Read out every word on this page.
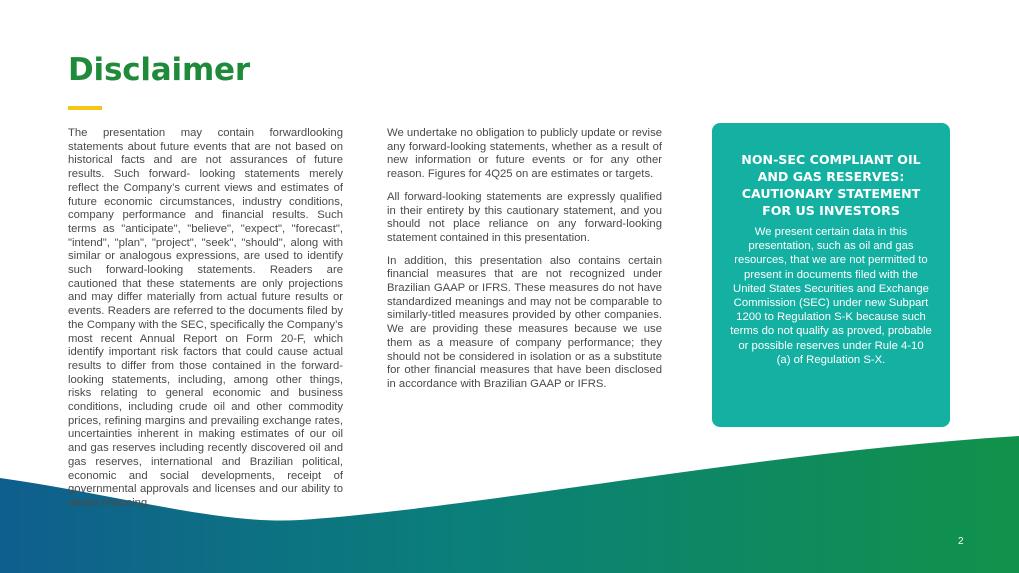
Disclaimer

The presentation may contain forwardlooking statements about future events that are not based on historical facts and are not assurances of future results. Such forward- looking statements merely reflect the Company’s current views and estimates of future economic circumstances, industry conditions, company performance and financial results. Such terms as "anticipate", "believe", "expect", "forecast", "intend", "plan", "project", "seek", "should", along with similar or analogous expressions, are used to identify such forward-looking statements. Readers are cautioned that these statements are only projections and may differ materially from actual future results or events. Readers are referred to the documents filed by the Company with the SEC, specifically the Company’s most recent Annual Report on Form 20-F, which identify important risk factors that could cause actual results to differ from those contained in the forward- looking statements, including, among other things, risks relating to general economic and business conditions, including crude oil and other commodity prices, refining margins and prevailing exchange rates, uncertainties inherent in making estimates of our oil and gas reserves including recently discovered oil and gas reserves, international and Brazilian political, economic and social developments, receipt of governmental approvals and licenses and our ability to obtain financing.

We undertake no obligation to publicly update or revise any forward-looking statements, whether as a result of new information or future events or for any other reason. Figures for 4Q25 on are estimates or targets.

All forward-looking statements are expressly qualified in their entirety by this cautionary statement, and you should not place reliance on any forward-looking statement contained in this presentation.

In addition, this presentation also contains certain financial measures that are not recognized under Brazilian GAAP or IFRS. These measures do not have standardized meanings and may not be comparable to similarly-titled measures provided by other companies. We are providing these measures because we use them as a measure of company performance; they should not be considered in isolation or as a substitute for other financial measures that have been disclosed in accordance with Brazilian GAAP or IFRS.

NON-SEC COMPLIANT OIL AND GAS RESERVES: CAUTIONARY STATEMENT FOR US INVESTORS

We present certain data in this presentation, such as oil and gas resources, that we are not permitted to present in documents filed with the United States Securities and Exchange Commission (SEC) under new Subpart 1200 to Regulation S-K because such terms do not qualify as proved, probable or possible reserves under Rule 4-10 (a) of Regulation S-X.

2
